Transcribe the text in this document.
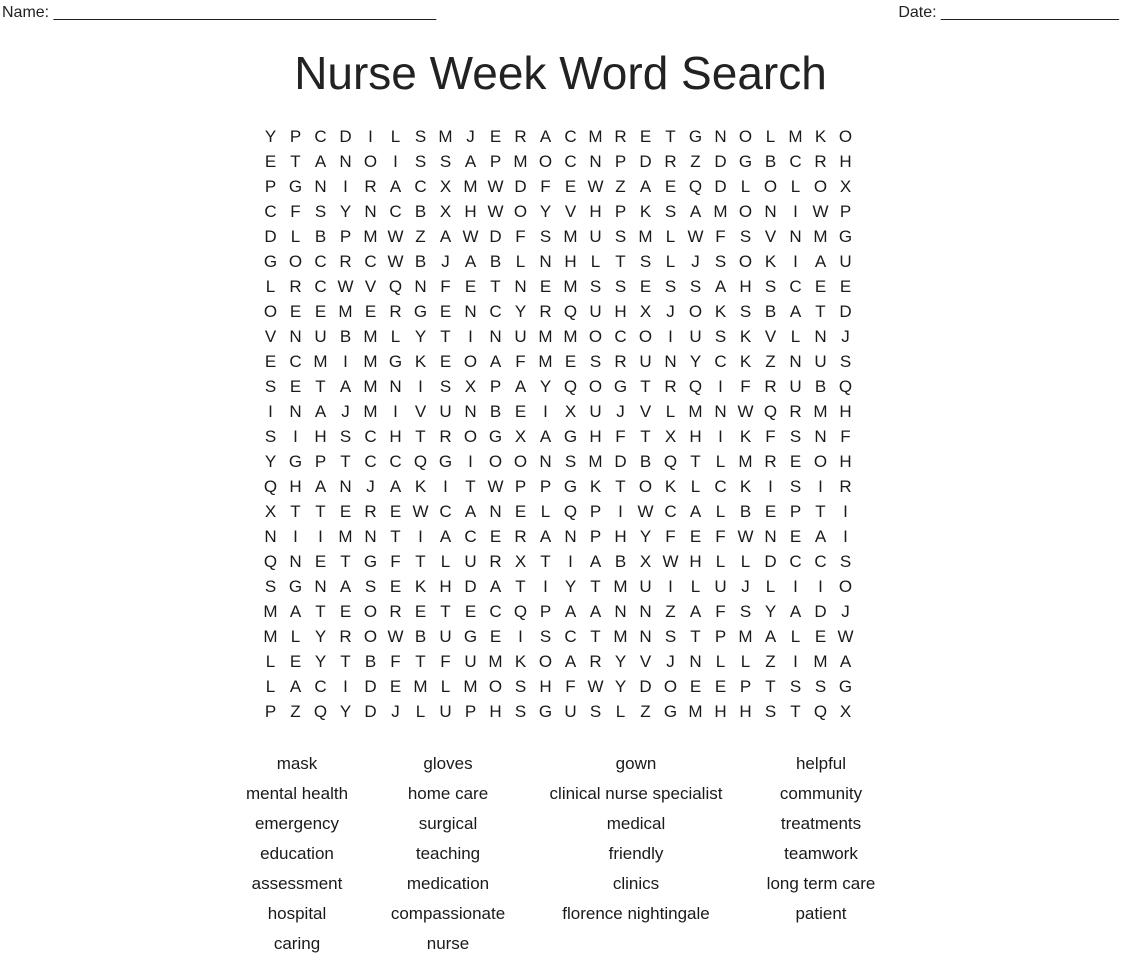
Name: ___________________________________________	Date: ____________________
Nurse Week Word Search
Y P C D I	L S M J E R A C M R E T G N O L M K O
E T A N O I S S A P M O C N P D R Z D G B C R H
P G N I R A C X M W D F E W Z A E Q D L O L O X
C F S Y N C B X H W O Y V H P K S A M O N I W P
D L B P M W Z A W D F S M U S M L W F S V N M G
G O C R C W B J A B L N H L T S L J S O K I A U
L R C W V Q N F E T N E M S S E S S A H S C E E
O E E M E R G E N C Y R Q U H X J O K S B A T D
V N U B M L Y T	I N U M M O C O I U S K V L N J
E C M I M G K E O A F M E S R U N Y C K Z N U S
S E T A M N I S X P A Y Q O G T R Q I	F R U B Q
I N A J M I V U N B E I X U J V L M N W Q R M H
S I H S C H T R O G X A G H F T X H I K F S N F
Y G P T C C Q G I O O N S M D B Q T L M R E O H
Q H A N J A K I	T W P P G K T O K L C K I S I R
X T T E R E W C A N E L Q P I W C A L B E P T	I
N I	I M N T	I A C E R A N P H Y F E F W N E A I
Q N E T G F T L U R X T	I A B X W H L L D C C S
S G N A S E K H D A T	I Y T M U I	L U J L	I	I O
M A T E O R E T E C Q P A A N N Z A F S Y A D J
M L Y R O W B U G E I S C T M N S T P M A L E W
L E Y T B F T F U M K O A R Y V J N L L Z	I M A
L A C I D E M L M O S H F W Y D O E E P T S S G
P Z Q Y D J L U P H S G U S L Z G M H H S T Q X
mask	gloves	gown	helpful
mental health	home care	clinical nurse specialist	community
emergency	surgical	medical	treatments
education	teaching	friendly	teamwork
assessment	medication	clinics	long term care
hospital	compassionate	florence nightingale	patient
caring	nurse
